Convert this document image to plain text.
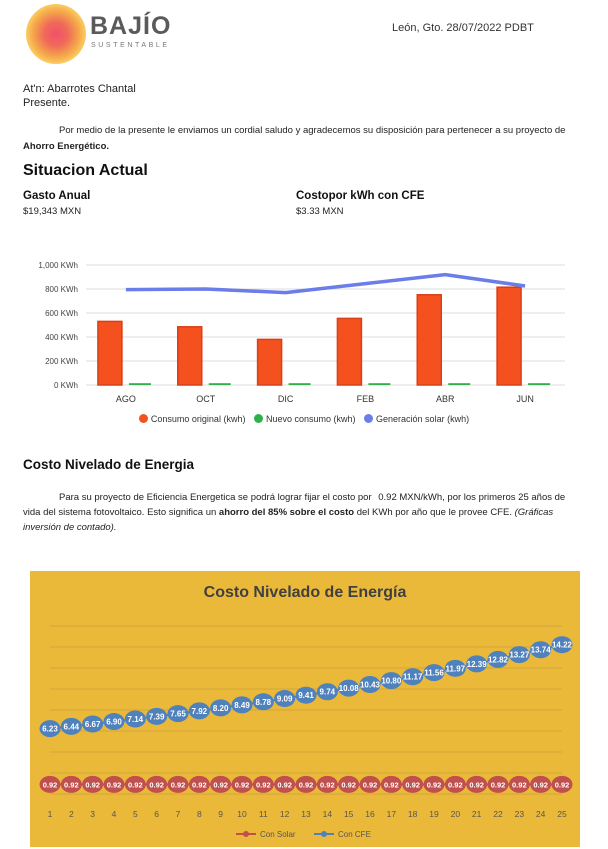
BAJÍO
SUSTENTABLE
León, Gto. 28/07/2022 PDBT
At'n: Abarrotes Chantal
Presente.
Por medio de la presente le enviamos un cordial saludo y agradecemos su disposición para pertenecer a su proyecto de Ahorro Energético.
Situacion Actual
Gasto Anual
$19,343 MXN
Costopor kWh con CFE
$3.33 MXN
0 KWh
200 KWh
400 KWh
600 KWh
800 KWh
1,000 KWh
AGO	OCT	DIC	FEB	ABR	JUN
Consumo original (kwh) Nuevo consumo (kwh) Generación solar (kwh)
Costo Nivelado de Energia
Para su proyecto de Eficiencia Energetica se podrá lograr fijar el costo por 0.92 MXN/kWh, por los primeros 25 años de vida del sistema fotovoltaico. Esto significa un ahorro del 85% sobre el costo del KWh por año que le provee CFE. (Gráficas inversión de contado).
Costo Nivelado de Energía
6.23
0.92
1
6.44
0.92
2
6.67
0.92
3
6.90
0.92
4
7.14
0.92
5
7.39
0.92
6
7.65
0.92
7
7.92
0.92
8
8.20
0.92
9
8.49
0.92
10
8.78
0.92
11
9.09
0.92
12
9.41
0.92
13
9.74
0.92
14
10.08
0.92
15
10.43
0.92
16
10.80
0.92
17
11.17
0.92
18
11.56
0.92
19
11.97
0.92
20
12.39
0.92
21
12.82
0.92
22
13.27
0.92
23
13.74
0.92
24
14.22
0.92
25
Con Solar	Con CFE
